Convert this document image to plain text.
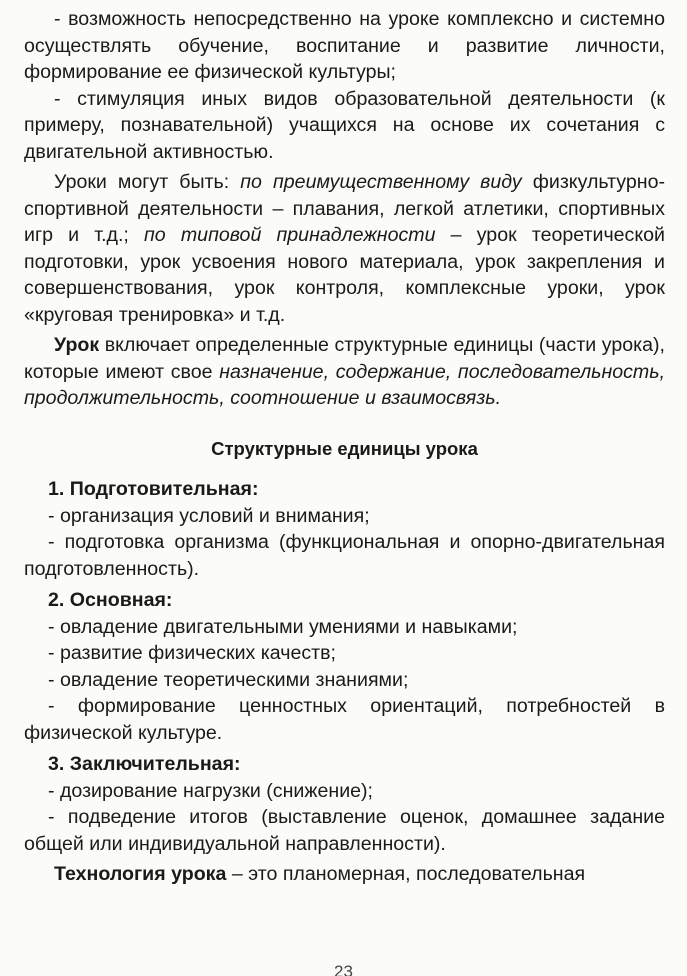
- возможность непосредственно на уроке комплексно и системно осуществлять обучение, воспитание и развитие личности, формирование ее физической культуры;

- стимуляция иных видов образовательной деятельности (к примеру, познавательной) учащихся на основе их сочетания с двигательной активностью.

Уроки могут быть: по преимущественному виду физкультурно-спортивной деятельности – плавания, легкой атлетики, спортивных игр и т.д.; по типовой принадлежности – урок теоретической подготовки, урок усвоения нового материала, урок закрепления и совершенствования, урок контроля, комплексные уроки, урок «круговая тренировка» и т.д.

Урок включает определенные структурные единицы (части урока), которые имеют свое назначение, содержание, последовательность, продолжительность, соотношение и взаимосвязь.

Структурные единицы урока

1. Подготовительная:

- организация условий и внимания;

- подготовка организма (функциональная и опорно-двигательная подготовленность).

2. Основная:

- овладение двигательными умениями и навыками;

- развитие физических качеств;

- овладение теоретическими знаниями;

- формирование ценностных ориентаций, потребностей в физической культуре.

3. Заключительная:

- дозирование нагрузки (снижение);

- подведение итогов (выставление оценок, домашнее задание общей или индивидуальной направленности).

Технология урока – это планомерная, последовательная

23
